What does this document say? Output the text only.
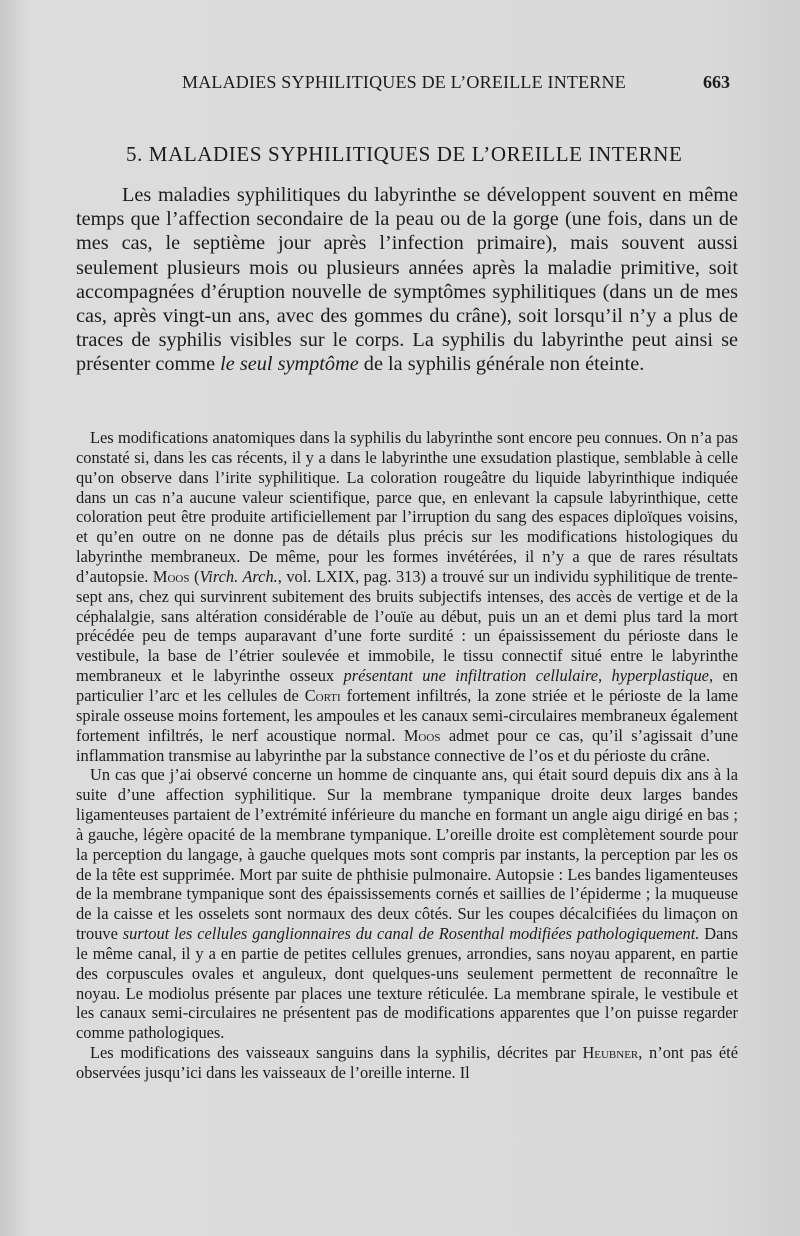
MALADIES SYPHILITIQUES DE L’OREILLE INTERNE	663
5. MALADIES SYPHILITIQUES DE L’OREILLE INTERNE

Les maladies syphilitiques du labyrinthe se développent souvent en même temps que l’affection secondaire de la peau ou de la gorge (une fois, dans un de mes cas, le septième jour après l’infection primaire), mais souvent aussi seulement plusieurs mois ou plusieurs années après la maladie primitive, soit accompagnées d’éruption nouvelle de symptômes syphilitiques (dans un de mes cas, après vingt-un ans, avec des gommes du crâne), soit lorsqu’il n’y a plus de traces de syphilis visibles sur le corps. La syphilis du labyrinthe peut ainsi se présenter comme le seul symptôme de la syphilis générale non éteinte.

Les modifications anatomiques dans la syphilis du labyrinthe sont encore peu connues. On n’a pas constaté si, dans les cas récents, il y a dans le labyrinthe une exsudation plastique, semblable à celle qu’on observe dans l’irite syphilitique. La coloration rougeâtre du liquide labyrinthique indiquée dans un cas n’a aucune valeur scientifique, parce que, en enlevant la capsule labyrinthique, cette coloration peut être produite artificiellement par l’irruption du sang des espaces diploïques voisins, et qu’en outre on ne donne pas de détails plus précis sur les modifications histologiques du labyrinthe membraneux. De même, pour les formes invétérées, il n’y a que de rares résultats d’autopsie. Moos (Virch. Arch., vol. LXIX, pag. 313) a trouvé sur un individu syphilitique de trente-sept ans, chez qui survinrent subitement des bruits subjectifs intenses, des accès de vertige et de la céphalalgie, sans altération considérable de l’ouïe au début, puis un an et demi plus tard la mort précédée peu de temps auparavant d’une forte surdité : un épaississement du périoste dans le vestibule, la base de l’étrier soulevée et immobile, le tissu connectif situé entre le labyrinthe membraneux et le labyrinthe osseux présentant une infiltration cellulaire, hyperplastique, en particulier l’arc et les cellules de Corti fortement infiltrés, la zone striée et le périoste de la lame spirale osseuse moins fortement, les ampoules et les canaux semi-circulaires membraneux également fortement infiltrés, le nerf acoustique normal. Moos admet pour ce cas, qu’il s’agissait d’une inflammation transmise au labyrinthe par la substance connective de l’os et du périoste du crâne.

Un cas que j’ai observé concerne un homme de cinquante ans, qui était sourd depuis dix ans à la suite d’une affection syphilitique. Sur la membrane tympanique droite deux larges bandes ligamenteuses partaient de l’extrémité inférieure du manche en formant un angle aigu dirigé en bas ; à gauche, légère opacité de la membrane tympanique. L’oreille droite est complètement sourde pour la perception du langage, à gauche quelques mots sont compris par instants, la perception par les os de la tête est supprimée. Mort par suite de phthisie pulmonaire. Autopsie : Les bandes ligamenteuses de la membrane tympanique sont des épaississements cornés et saillies de l’épiderme ; la muqueuse de la caisse et les osselets sont normaux des deux côtés. Sur les coupes décalcifiées du limaçon on trouve surtout les cellules ganglionnaires du canal de Rosenthal modifiées pathologiquement. Dans le même canal, il y a en partie de petites cellules grenues, arrondies, sans noyau apparent, en partie des corpuscules ovales et anguleux, dont quelques-uns seulement permettent de reconnaître le noyau. Le modiolus présente par places une texture réticulée. La membrane spirale, le vestibule et les canaux semi-circulaires ne présentent pas de modifications apparentes que l’on puisse regarder comme pathologiques.

Les modifications des vaisseaux sanguins dans la syphilis, décrites par Heubner, n’ont pas été observées jusqu’ici dans les vaisseaux de l’oreille interne. Il
